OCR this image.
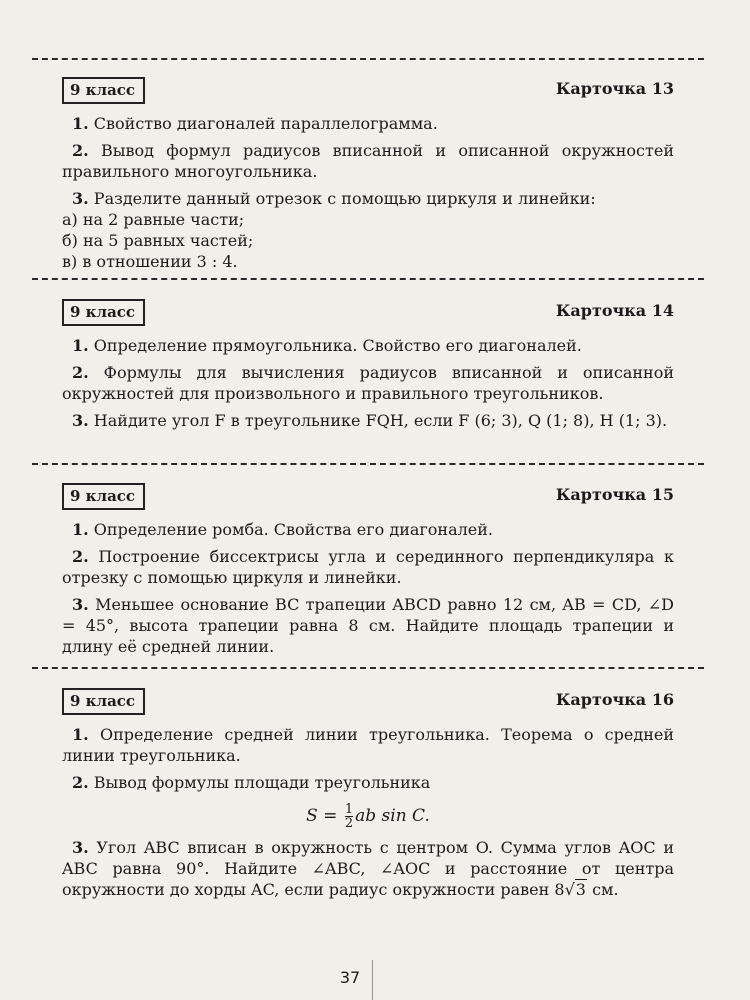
9 класс	Карточка 13

1. Свойство диагоналей параллелограмма.

2. Вывод формул радиусов вписанной и описанной окружностей правильного многоугольника.

3. Разделите данный отрезок с помощью циркуля и линейки:

а) на 2 равные части;

б) на 5 равных частей;

в) в отношении 3 : 4.

9 класс	Карточка 14

1. Определение прямоугольника. Свойство его диагоналей.

2. Формулы для вычисления радиусов вписанной и описанной окружностей для произвольного и правильного треугольников.

3. Найдите угол F в треугольнике FQH, если F (6; 3), Q (1; 8), H (1; 3).

9 класс	Карточка 15

1. Определение ромба. Свойства его диагоналей.

2. Построение биссектрисы угла и серединного перпендикуляра к отрезку с помощью циркуля и линейки.

3. Меньшее основание BC трапеции ABCD равно 12 см, AB = CD, ∠D = 45°, высота трапеции равна 8 см. Найдите площадь трапеции и длину её средней линии.

9 класс	Карточка 16

1. Определение средней линии треугольника. Теорема о средней линии треугольника.

2. Вывод формулы площади треугольника

$S = \frac{1}{2}$ ab sin C.

3. Угол ABC вписан в окружность с центром O. Сумма углов AOC и ABC равна 90°. Найдите ∠ABC, ∠AOC и расстояние от центра окружности до хорды AC, если радиус окружности равен 8√3 см.

37
